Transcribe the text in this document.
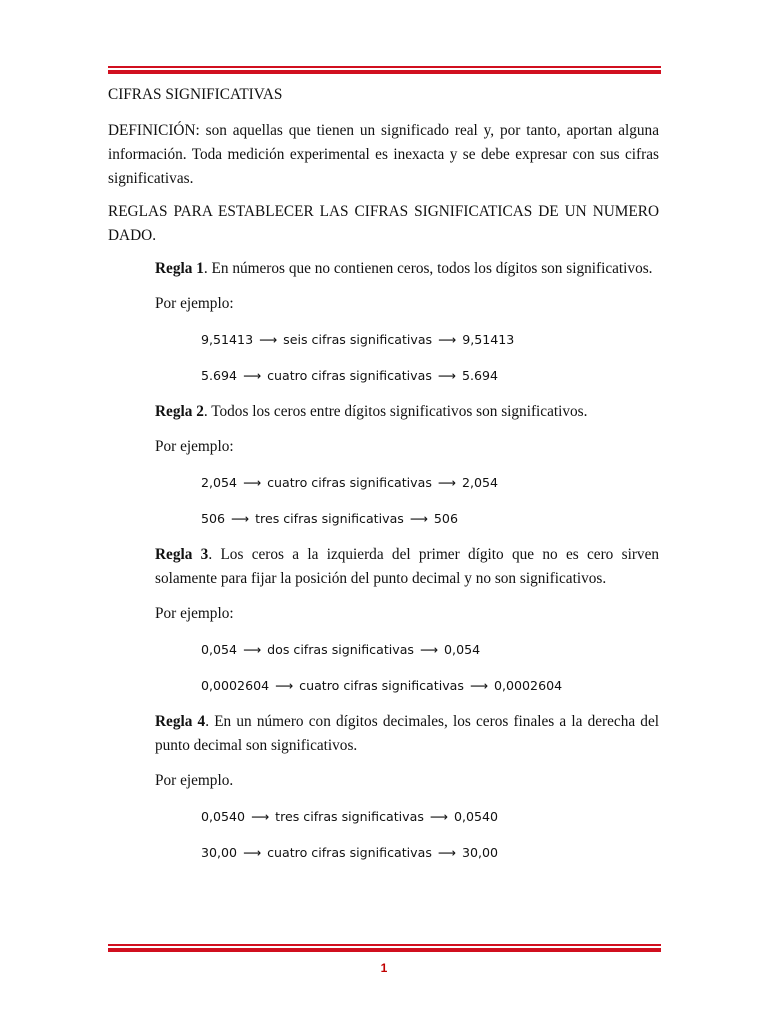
CIFRAS SIGNIFICATIVAS

DEFINICIÓN: son aquellas que tienen un significado real y, por tanto, aportan alguna información. Toda medición experimental es inexacta y se debe expresar con sus cifras significativas.

REGLAS PARA ESTABLECER LAS CIFRAS SIGNIFICATICAS DE UN NUMERO DADO.

Regla 1. En números que no contienen ceros, todos los dígitos son significativos.

Por ejemplo:

9,51413 ⟶ seis cifras significativas ⟶ 9,51413

5.694 ⟶ cuatro cifras significativas ⟶ 5.694

Regla 2. Todos los ceros entre dígitos significativos son significativos.

Por ejemplo:

2,054 ⟶ cuatro cifras significativas ⟶ 2,054

506 ⟶ tres cifras significativas ⟶ 506

Regla 3. Los ceros a la izquierda del primer dígito que no es cero sirven solamente para fijar la posición del punto decimal y no son significativos.

Por ejemplo:

0,054 ⟶ dos cifras significativas ⟶ 0,054

0,0002604 ⟶ cuatro cifras significativas ⟶ 0,0002604

Regla 4. En un número con dígitos decimales, los ceros finales a la derecha del punto decimal son significativos.

Por ejemplo.

0,0540 ⟶ tres cifras significativas ⟶ 0,0540

30,00 ⟶ cuatro cifras significativas ⟶ 30,00

1
